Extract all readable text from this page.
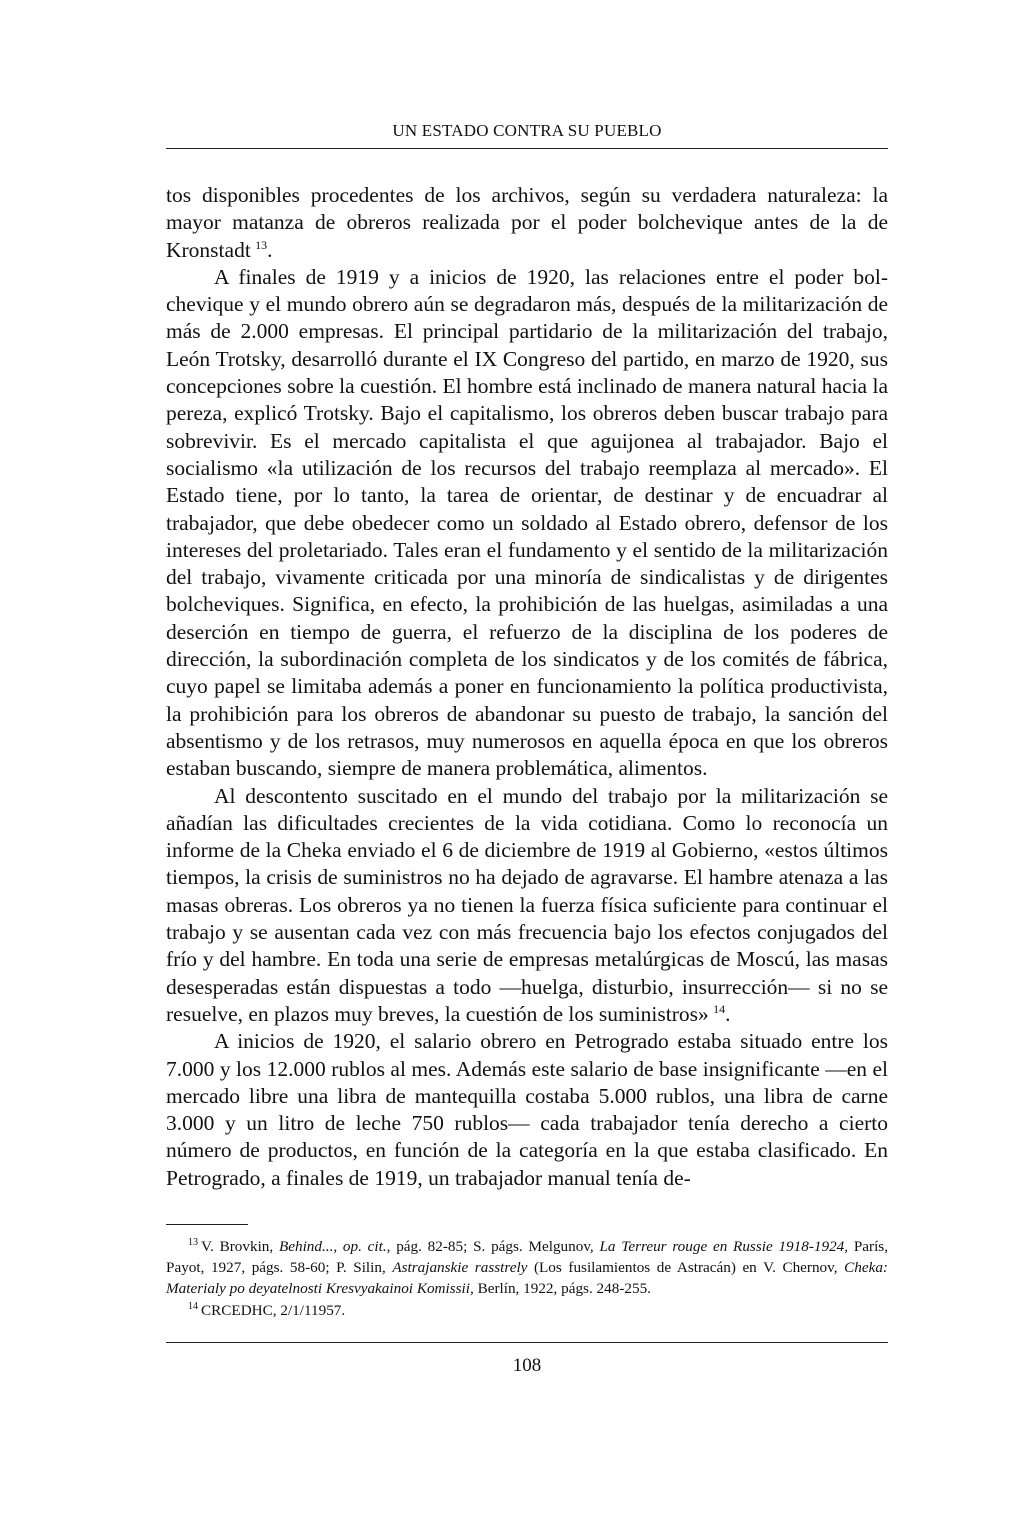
UN ESTADO CONTRA SU PUEBLO

tos disponibles procedentes de los archivos, según su verdadera naturaleza: la mayor matanza de obreros realizada por el poder bolchevique antes de la de Kronstadt  $^{13}$.

A finales de 1919 y a inicios de 1920, las relaciones entre el poder bolchevique y el mundo obrero aún se degradaron más, después de la militarización de más de 2.000 empresas. El principal partidario de la militarización del trabajo, León Trotsky, desarrolló durante el IX Congreso del partido, en marzo de 1920, sus concepciones sobre la cuestión. El hombre está inclinado de manera natural hacia la pereza, explicó Trotsky. Bajo el capitalismo, los obreros deben buscar trabajo para sobrevivir. Es el mercado capitalista el que aguijonea al trabajador. Bajo el socialismo «la utilización de los recursos del trabajo reemplaza al mercado». El Estado tiene, por lo tanto, la tarea de orientar, de destinar y de encuadrar al trabajador, que debe obedecer como un soldado al Estado obrero, defensor de los intereses del proletariado. Tales eran el fundamento y el sentido de la militarización del trabajo, vivamente criticada por una minoría de sindicalistas y de dirigentes bolcheviques. Significa, en efecto, la prohibición de las huelgas, asimiladas a una deserción en tiempo de guerra, el refuerzo de la disciplina de los poderes de dirección, la subordinación completa de los sindicatos y de los comités de fábrica, cuyo papel se limitaba además a poner en funcionamiento la política productivista, la prohibición para los obreros de abandonar su puesto de trabajo, la sanción del absentismo y de los retrasos, muy numerosos en aquella época en que los obreros estaban buscando, siempre de manera problemática, alimentos.

Al descontento suscitado en el mundo del trabajo por la militarización se añadían las dificultades crecientes de la vida cotidiana. Como lo reconocía un informe de la Cheka enviado el 6 de diciembre de 1919 al Gobierno, «estos últimos tiempos, la crisis de suministros no ha dejado de agravarse. El hambre atenaza a las masas obreras. Los obreros ya no tienen la fuerza física suficiente para continuar el trabajo y se ausentan cada vez con más frecuencia bajo los efectos conjugados del frío y del hambre. En toda una serie de empresas metalúrgicas de Moscú, las masas desesperadas están dispuestas a todo —huelga, disturbio, insurrección— si no se resuelve, en plazos muy breves, la cuestión de los suministros»  $^{14}$.

A inicios de 1920, el salario obrero en Petrogrado estaba situado entre los 7.000 y los 12.000 rublos al mes. Además este salario de base insignificante —en el mercado libre una libra de mantequilla costaba 5.000 rublos, una libra de carne 3.000 y un litro de leche 750 rublos— cada trabajador tenía derecho a cierto número de productos, en función de la categoría en la que estaba clasificado. En Petrogrado, a finales de 1919, un trabajador manual tenía de-

$^{13}$  V. Brovkin, Behind..., op. cit., pág. 82-85; S. págs. Melgunov, La Terreur rouge en Russie 1918-1924, París, Payot, 1927, págs. 58-60; P. Silin, Astrajanskie rasstrely (Los fusilamientos de Astracán) en V. Chernov, Cheka: Materialy po deyatelnosti Kresvyakainoi Komissii, Berlín, 1922, págs. 248-255.

$^{14}$  CRCEDHC, 2/1/11957.

108
